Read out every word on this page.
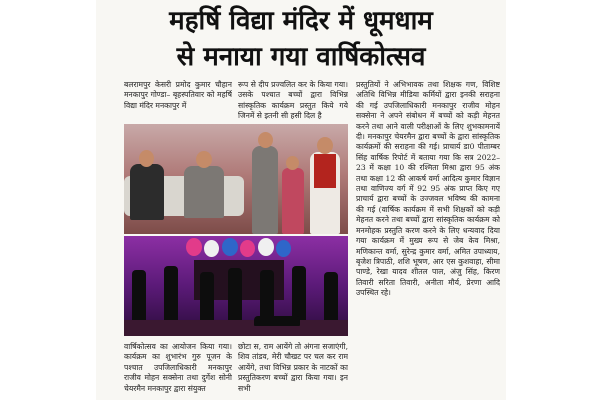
महर्षि विद्या मंदिर में धूमधाम
से मनाया गया वार्षिकोत्सव

बलरामपुर केसरी प्रमोद कुमार चौहान मनकापुर गोण्डा– बृहस्पतिवार को महर्षि विद्या मंदिर मनकापुर में

रूप से दीप प्रज्वलित कर के किया गया। उसके पश्चात बच्चों द्वारा विभिन्न सांस्कृतिक कार्यक्रम प्रस्तुत किये गये जिनमें से इतनी सी हसी दिल है

वार्षिकोत्सव का आयोजन किया गया। कार्यक्रम का शुभारंभ गुरु पूजन के पश्चात उपजिलाधिकारी मनकापुर राजीव मोहन सक्सेना तथा दुर्गेश सोनी चेयरमैन मनकापुर द्वारा संयुक्त

छोटा स, राम आयेंगे तो अंगना सजाएंगी, शिव तांडव, मेरी चौखट पर चल कर राम आयेंगे, तथा विभिन्न प्रकार के नाटकों का प्रस्तुतिकरण बच्चों द्वारा किया गया। इन सभी

प्रस्तुतियों ने अभिभावक तथा शिक्षक गण, विशिष्ट अतिथि विभिन्न मीडिया कर्मियों द्वारा इनकी सराहना की गई उपजिलाधिकारी मनकापुर राजीव मोहन सक्सेना ने अपने संबोधन में बच्चों को कड़ी मेहनत करने तथा आने वाली परीक्षाओं के लिए शुभकामनायें दी। मनकापुर चेयरमैन द्वारा बच्चों के द्वारा सांस्कृतिक कार्यक्रमों की सराहना की गई। प्राचार्य डा0 पीताम्बर सिंह वार्षिक रिपोर्ट में बताया गया कि सत्र 2022–23 में कक्षा 10 की रश्मिता मिश्रा द्वारा 95 अंक तथा कक्षा 12 की आकर्ष वर्मा आदित्य कुमार विज्ञान तथा वाणिज्य वर्ग में 92 95 अंक प्राप्त किए गए प्राचार्य द्वारा बच्चों के उज्जवल भविष्य की कामना की गई (वार्षिक कार्यक्रम में सभी शिक्षकों को कड़ी मेहनत करने तथा बच्चों द्वारा सांस्कृतिक कार्यक्रम को मनमोहक प्रस्तुति करण करने के लिए धन्यवाद दिया गया कार्यक्रम में मुख्य रूप से जेब केव मिश्रा, मणिकान्त वर्मा, सुरेन्द्र कुमार वर्मा, अमित उपाध्याय, बृजेश त्रिपाठी, शशि भूषण, आर एस कुशवाहा, सीमा पाण्डे, रेखा यादव शीतल पाल, अंजु सिंह, किरण तिवारी सरिता तिवारी, अनीता मौर्य, प्रेरणा आदि उपस्थित रहे।
